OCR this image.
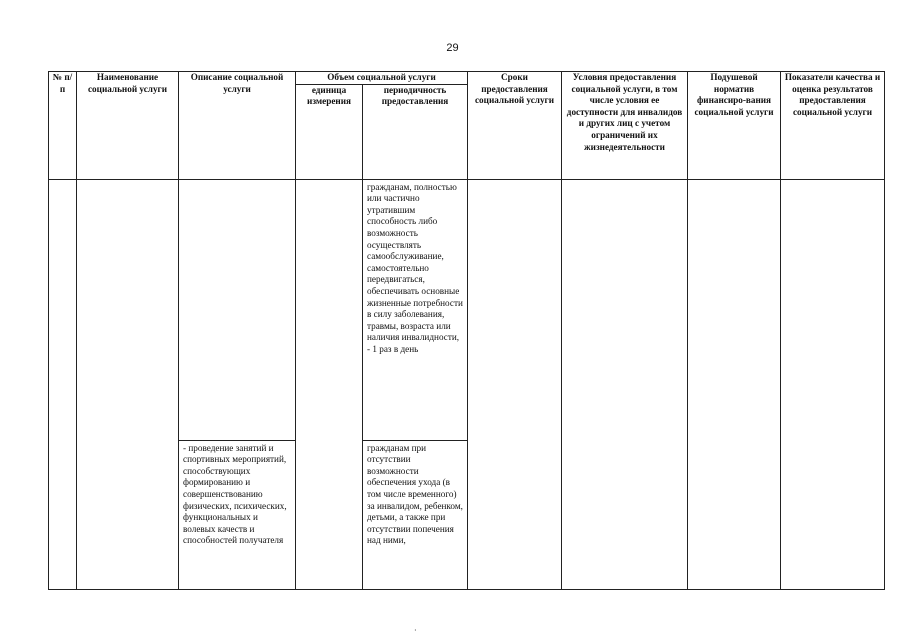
29
№ п/п	Наименование социальной услуги	Описание социальной услуги	Объем социальной услуги		Сроки предоставления социальной услуги	Условия предоставления социальной услуги, в том числе условия ее доступности для инвалидов и других лиц с учетом ограничений их жизнедеятельности	Подушевой норматив финансиро-вания социальной услуги	Показатели качества и оценка результатов предоставления социальной услуги
			единица измерения	периодичность предоставления				
				гражданам, полностью или частично утратившим способность либо возможность осуществлять самообслуживание, самостоятельно передвигаться, обеспечивать основные жизненные потребности в силу заболевания, травмы, возраста или наличия инвалидности, - 1 раз в день				
		- проведение занятий и спортивных мероприятий, способствующих формированию и совершенствованию физических, психических, функциональных и волевых качеств и способностей получателя		гражданам при отсутствии возможности обеспечения ухода (в том числе временного) за инвалидом, ребенком, детьми, а также при отсутствии попечения над ними,				
·
